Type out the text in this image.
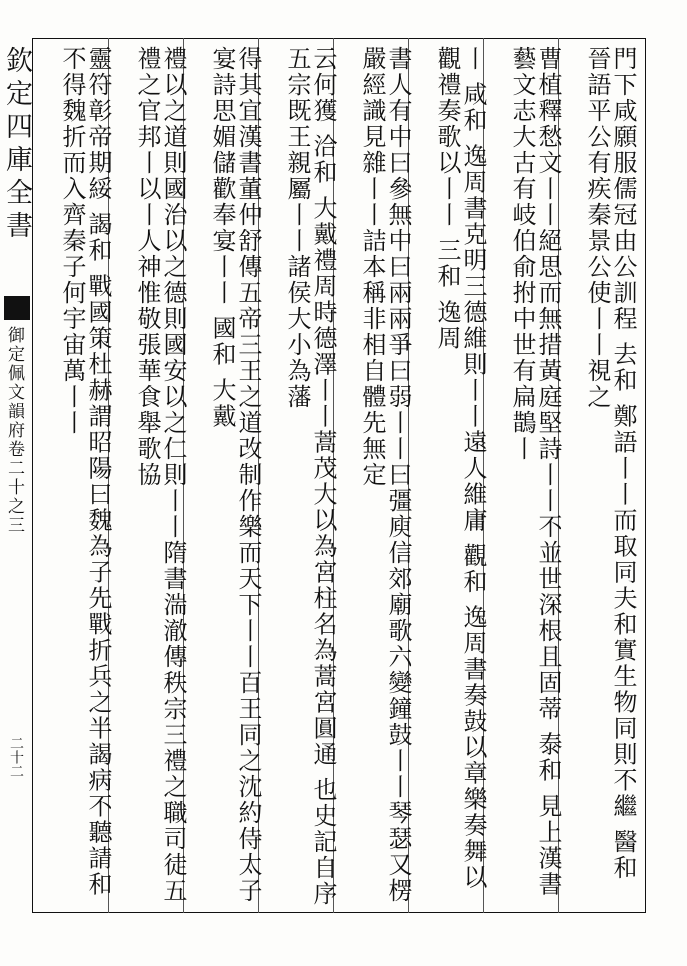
欽定四庫全書
御定佩文韻府卷二十之三
二十二	門下咸願服儒冠由公訓程 去和 鄭語丨丨而取同夫和實生物同則不繼 醫和 晉語平公有疾秦景公使丨丨視之
曹植釋愁文丨丨絕思而無措黃庭堅詩丨丨不並世深根且固蒂 泰和 見上漢書藝文志大古有岐伯俞拊中世有扁鵲丨
丨 咸和 逸周書克明三德維則丨丨遠人維庸 觀和 逸周書奏鼓以章樂奏舞以觀禮奏歌以丨丨 三和 逸周
書人有中曰參無中曰兩兩爭曰弱丨丨曰彊庾信郊廟歌六變鐘鼓丨丨琴瑟又楞嚴經識見雜丨丨詰本稱非相自體先無定
云何獲 洽和 大戴禮周時德澤丨丨蒿茂大以為宮柱名為蒿宮圓通 也史記自序五宗既王親屬丨丨諸侯大小為藩
得其宜漢書董仲舒傳五帝三王之道改制作樂而天下丨丨百王同之沈約侍太子宴詩思媚儲歡奉宴丨丨 國和 大戴
禮以之道則國治以之德則國安以之仁則丨丨隋書湍澈傳秩宗三禮之職司徒五禮之官邦丨以丨人神惟敬張華食舉歌協
靈符彰帝期綏 謁和 戰國策杜赫謂昭陽曰魏為子先戰折兵之半謁病不聽請和不得魏折而入齊秦子何宇宙萬丨丨
